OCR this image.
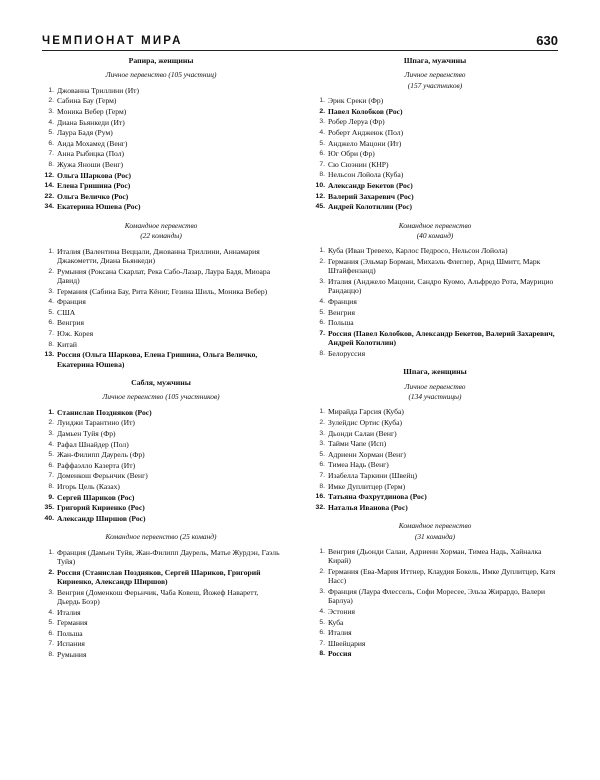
ЧЕМПИОНАТ МИРА	630
Рапира, женщины
Личное первенство (105 участниц)
1. Джованна Триллини (Ит)
2. Сабина Бау (Герм)
3. Моника Вебер (Герм)
4. Диана Бьянкеди (Ит)
5. Лаура Бадя (Рум)
6. Аида Мохамед (Венг)
7. Анна Рыбицка (Пол)
8. Жужа Яноши (Венг)
12. Ольга Шаркова (Рос)
14. Елена Гришина (Рос)
22. Ольга Величко (Рос)
34. Екатерина Юшева (Рос)
Командное первенство
(22 команды)
1. Италия (Валентина Веццали, Джованна Триллини, Аннамария Джакометти, Диана Бьянкеди)
2. Румыния (Роксана Скарлат, Река Сабо-Лазар, Лаура Бадя, Миоара Давид)
3. Германия (Сабина Бау, Рита Кёниг, Гезина Шиль, Моника Вебер)
4. Франция
5. США
6. Венгрия
7. Юж. Корея
8. Китай
13. Россия (Ольга Шаркова, Елена Гришина, Ольга Величко, Екатерина Юшева)
Сабля, мужчины
Личное первенство (105 участников)
1. Станислав Поздняков (Рос)
2. Луиджи Тарантино (Ит)
3. Дамьен Туйя (Фр)
4. Рафал Шнайдер (Пол)
5. Жан-Филипп Даурель (Фр)
6. Раффаэлло Казерта (Ит)
7. Доменкош Ферьнчик (Венг)
8. Игорь Цель (Казах)
9. Сергей Шариков (Рос)
35. Григорий Кириенко (Рос)
40. Александр Ширшов (Рос)
Командное первенство (25 команд)
1. Франция (Дамьен Туйя, Жан-Филипп Даурель, Матье Журдэн, Гаэль Туйя)
2. Россия (Станислав Поздняков, Сергей Шариков, Григорий Кириенко, Александр Ширшов)
3. Венгрия (Доменкош Ферьнчик, Чаба Ковеш, Йожеф Наваретт, Дьердь Боэр)
4. Италия
5. Германия
6. Польша
7. Испания
8. Румыния
Шпага, мужчины
Личное первенство
(157 участников)
1. Эрик Среки (Фр)
2. Павел Колобков (Рос)
3. Робер Леруа (Фр)
4. Роберт Анджеюк (Пол)
5. Анджело Мацони (Ит)
6. Юг Обри (Фр)
7. Сю Сюэнин (КНР)
8. Нельсон Лойола (Куба)
10. Александр Бекетов (Рос)
12. Валерий Захаревич (Рос)
45. Андрей Колотилин (Рос)
Командное первенство
(40 команд)
1. Куба (Иван Тревехо, Карлос Педросо, Нельсон Лойола)
2. Германия (Эльмар Борман, Михаэль Флеглер, Арнд Шмитт, Марк Штайфензанд)
3. Италия (Анджело Мацони, Сандро Куомо, Альфредо Рота, Маурицио Рандаццо)
4. Франция
5. Венгрия
6. Польша
7. Россия (Павел Колобков, Александр Бекетов, Валерий Захаревич, Андрей Колотилин)
8. Белоруссия
Шпага, женщины
Личное первенство
(134 участницы)
1. Мирайда Гарсия (Куба)
2. Зулейдис Ортис (Куба)
3. Дьонди Салаи (Венг)
3. Тайми Чапе (Исп)
5. Адриенн Хорман (Венг)
6. Тимеа Надь (Венг)
7. Изабелла Таркини (Швейц)
8. Имке Дуплитцер (Герм)
16. Татьяна Фахрутдинова (Рос)
32. Наталья Иванова (Рос)
Командное первенство
(31 команда)
1. Венгрия (Дьонди Салаи, Адриенн Хорман, Тимеа Надь, Хайналка Кирай)
2. Германия (Ева-Мария Иттнер, Клаудия Бокель, Имке Дуплитцер, Катя Насс)
3. Франция (Лаура Флессель, Софи Моресее, Эльза Жирардо, Валери Барлуа)
4. Эстония
5. Куба
6. Италия
7. Швейцария
8. Россия
